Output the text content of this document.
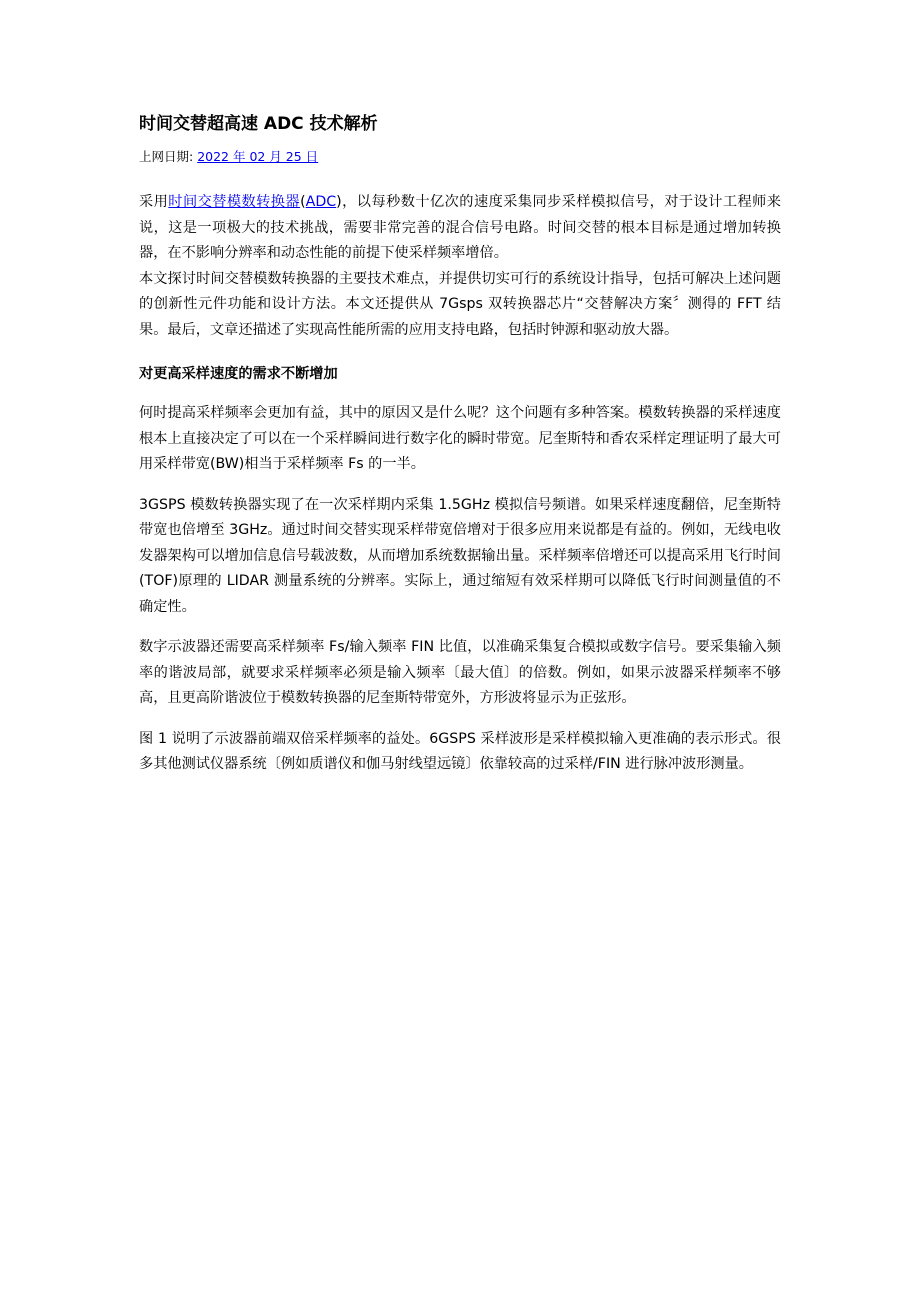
时间交替超高速 ADC 技术解析
上网日期: 2022 年 02 月 25 日

采用时间交替模数转换器(ADC)，以每秒数十亿次的速度采集同步采样模拟信号，对于设计工程师来说，这是一项极大的技术挑战，需要非常完善的混合信号电路。时间交替的根本目标是通过增加转换器，在不影响分辨率和动态性能的前提下使采样频率增倍。

本文探讨时间交替模数转换器的主要技术难点，并提供切实可行的系统设计指导，包括可解决上述问题的创新性元件功能和设计方法。本文还提供从 7Gsps 双转换器芯片“交替解决方案〞测得的 FFT 结果。最后，文章还描述了实现高性能所需的应用支持电路，包括时钟源和驱动放大器。

对更高采样速度的需求不断增加

何时提高采样频率会更加有益，其中的原因又是什么呢？这个问题有多种答案。模数转换器的采样速度根本上直接决定了可以在一个采样瞬间进行数字化的瞬时带宽。尼奎斯特和香农采样定理证明了最大可用采样带宽(BW)相当于采样频率 Fs 的一半。

3GSPS 模数转换器实现了在一次采样期内采集 1.5GHz 模拟信号频谱。如果采样速度翻倍，尼奎斯特带宽也倍增至 3GHz。通过时间交替实现采样带宽倍增对于很多应用来说都是有益的。例如，无线电收发器架构可以增加信息信号载波数，从而增加系统数据输出量。采样频率倍增还可以提高采用飞行时间(TOF)原理的 LIDAR 测量系统的分辨率。实际上，通过缩短有效采样期可以降低飞行时间测量值的不确定性。

数字示波器还需要高采样频率 Fs/输入频率 FIN 比值，以准确采集复合模拟或数字信号。要采集输入频率的谐波局部，就要求采样频率必须是输入频率〔最大值〕的倍数。例如，如果示波器采样频率不够高，且更高阶谐波位于模数转换器的尼奎斯特带宽外，方形波将显示为正弦形。

图 1 说明了示波器前端双倍采样频率的益处。6GSPS 采样波形是采样模拟输入更准确的表示形式。很多其他测试仪器系统〔例如质谱仪和伽马射线望远镜〕依靠较高的过采样/FIN 进行脉冲波形测量。
